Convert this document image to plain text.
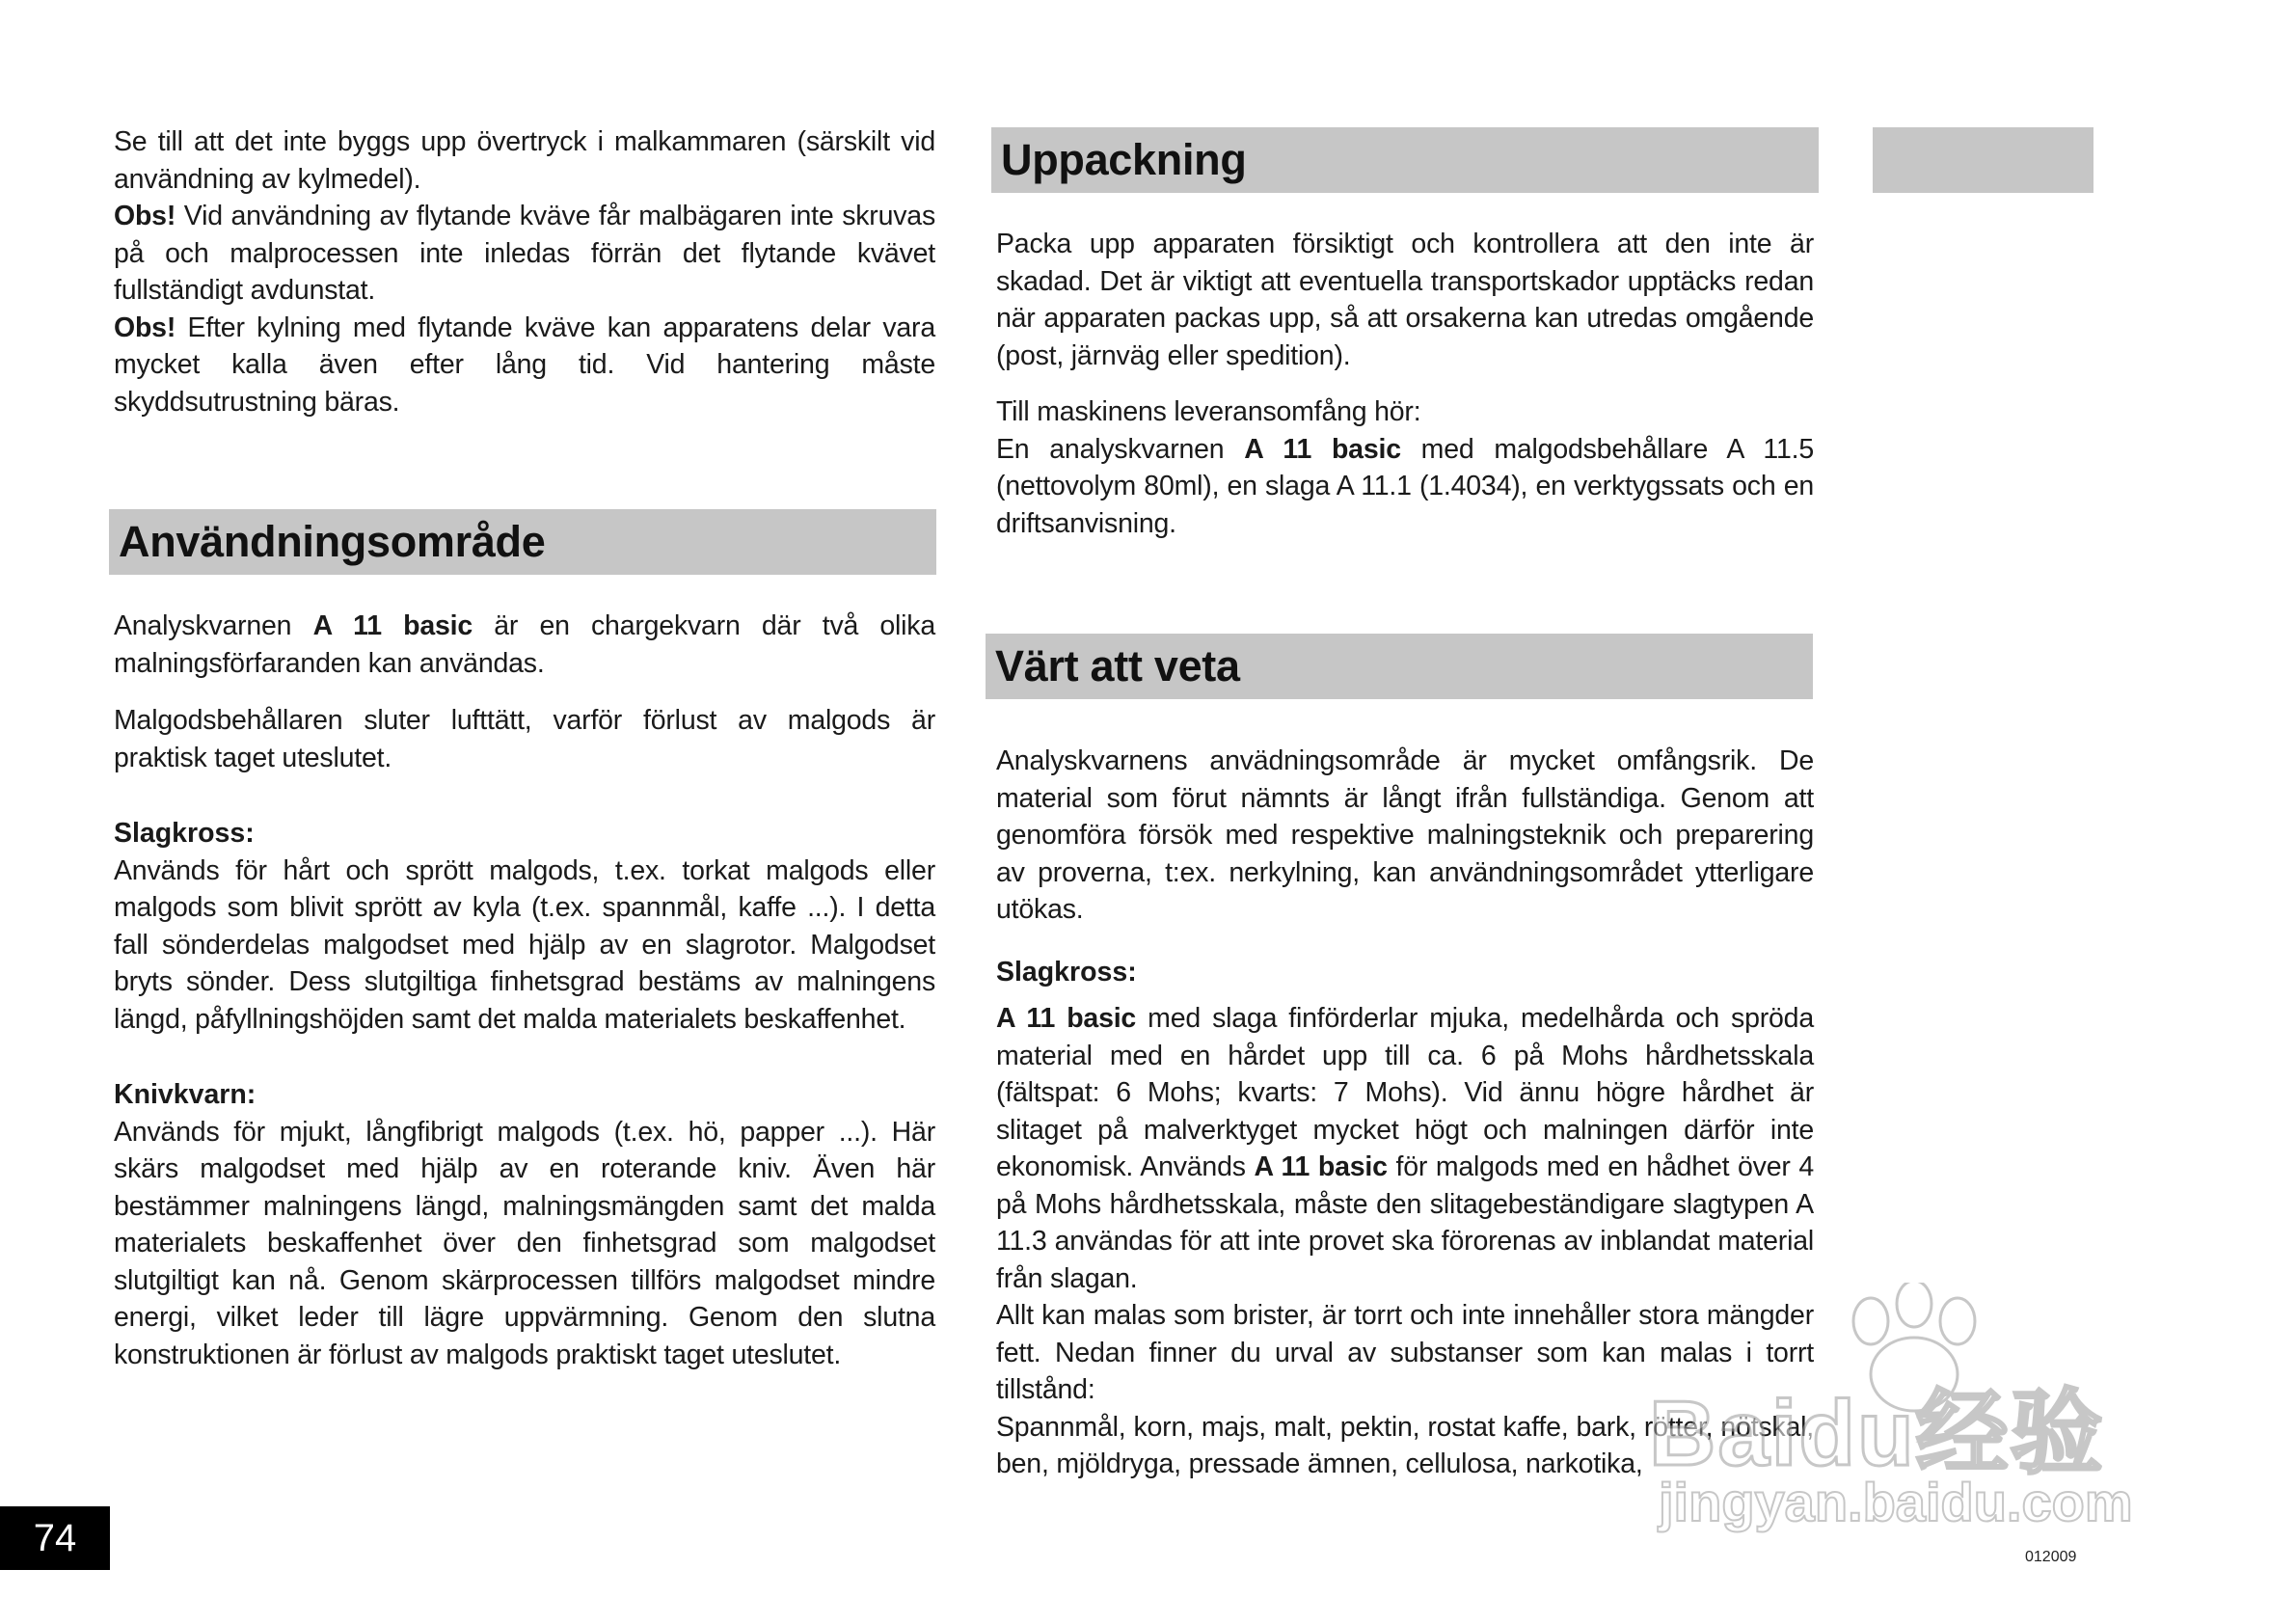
Se till att det inte byggs upp övertryck i malkammaren (särskilt vid användning av kylmedel).

Obs! Vid användning av flytande kväve får malbägaren inte skruvas på och malprocessen inte inledas förrän det flytande kvävet fullständigt avdunstat.

Obs! Efter kylning med flytande kväve kan apparatens delar vara mycket kalla även efter lång tid. Vid hantering måste skyddsutrustning bäras.

Användningsområde

Analyskvarnen A 11 basic är en chargekvarn där två olika malningsförfaranden kan användas.

Malgodsbehållaren sluter lufttätt, varför förlust av malgods är praktisk taget uteslutet.

Slagkross:

Används för hårt och sprött malgods, t.ex. torkat malgods eller malgods som blivit sprött av kyla (t.ex. spannmål, kaffe ...). I detta fall sönderdelas malgodset med hjälp av en slagrotor. Malgodset bryts sönder. Dess slutgiltiga finhetsgrad bestäms av malningens längd, påfyllningshöjden samt det malda materialets beskaffenhet.

Knivkvarn:

Används för mjukt, långfibrigt malgods (t.ex. hö, papper ...). Här skärs malgodset med hjälp av en roterande kniv. Även här bestämmer malningens längd, malningsmängden samt det malda materialets beskaffenhet över den finhetsgrad som malgodset slutgiltigt kan nå. Genom skärprocessen tillförs malgodset mindre energi, vilket leder till lägre uppvärmning. Genom den slutna konstruktionen är förlust av malgods praktiskt taget uteslutet.

Uppackning

Packa upp apparaten försiktigt och kontrollera att den inte är skadad. Det är viktigt att eventuella transportskador upptäcks redan när apparaten packas upp, så att orsakerna kan utredas omgående (post, järnväg eller spedition).

Till maskinens leveransomfång hör:

En analyskvarnen A 11 basic med malgodsbehållare A 11.5 (nettovolym 80ml), en slaga A 11.1 (1.4034), en verktygssats och en driftsanvisning.

Värt att veta

Analyskvarnens anvädningsområde är mycket omfångsrik. De material som förut nämnts är långt ifrån fullständiga. Genom att genomföra försök med respektive malningsteknik och preparering av proverna, t:ex. nerkylning, kan användningsområdet ytterligare utökas.

Slagkross:

A 11 basic med slaga finförderlar mjuka, medelhårda och spröda material med en hårdet upp till ca. 6 på Mohs hårdhetsskala (fältspat: 6 Mohs; kvarts: 7 Mohs). Vid ännu högre hårdhet är slitaget på malverktyget mycket högt och malningen därför inte ekonomisk. Används A 11 basic för malgods med en hådhet över 4 på Mohs hårdhetsskala, måste den slitagebeständigare slagtypen A 11.3 användas för att inte provet ska förorenas av inblandat material från slagan.

Allt kan malas som brister, är torrt och inte innehåller stora mängder fett. Nedan finner du urval av substanser som kan malas i torrt tillstånd:

Spannmål, korn, majs, malt, pektin, rostat kaffe, bark, rötter, nötskal, ben, mjöldryga, pressade ämnen, cellulosa, narkotika,

74	012009
Baidu经验
jingyan.baidu.com
